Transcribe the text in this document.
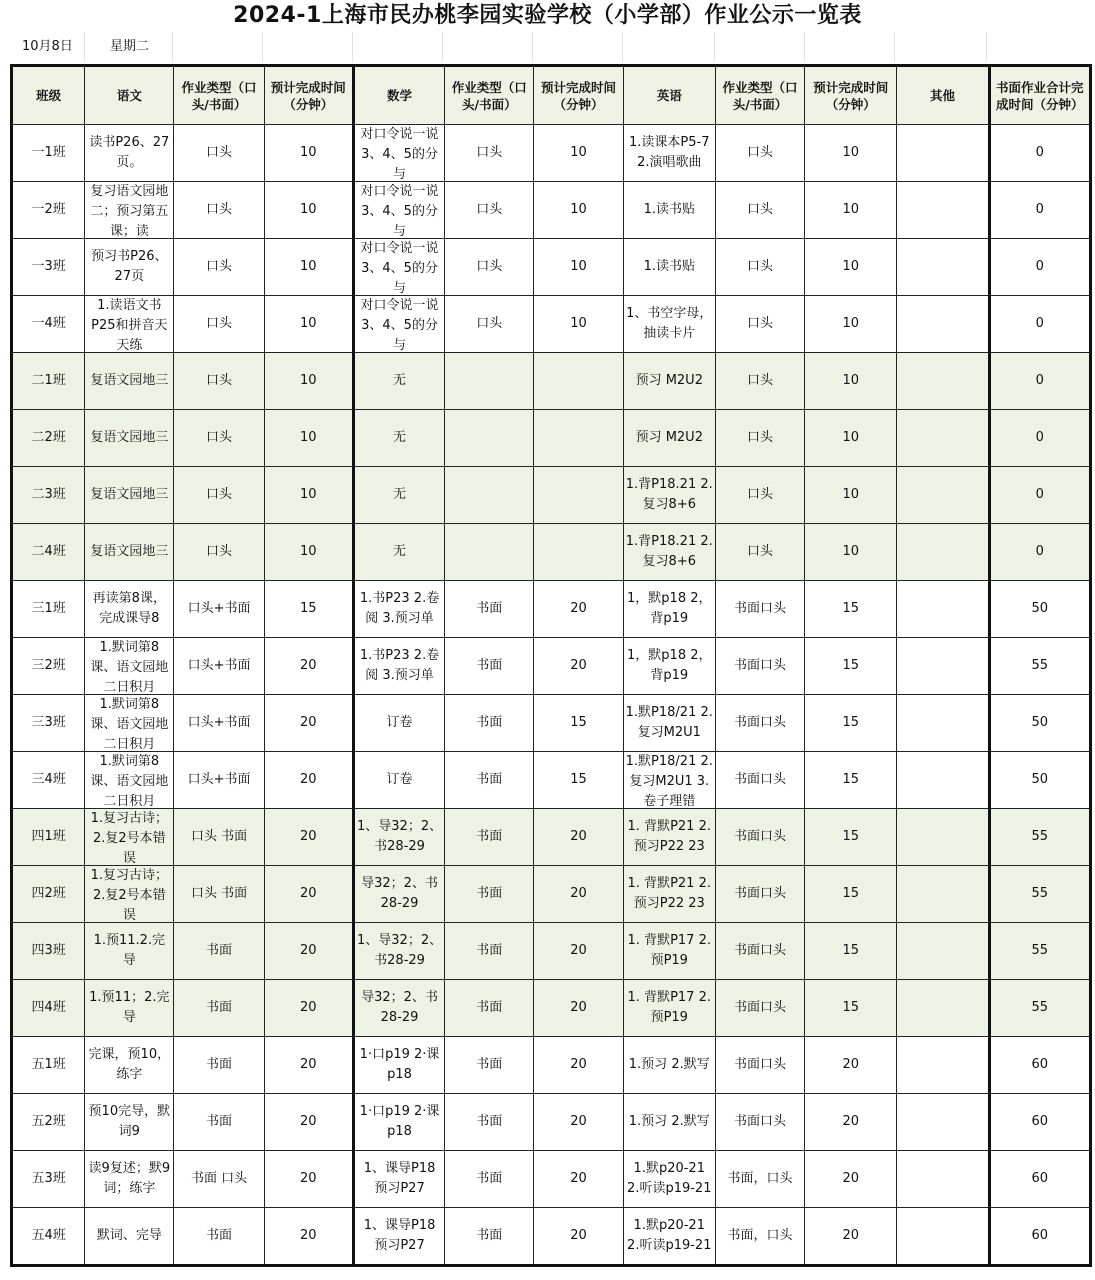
2024-1上海市民办桃李园实验学校（小学部）作业公示一览表
10月8日	星期二
班级	语文	作业类型（口头/书面）	预计完成时间（分钟）	数学	作业类型（口头/书面）	预计完成时间（分钟）	英语	作业类型（口头/书面）	预计完成时间（分钟）	其他	书面作业合计完成时间（分钟）

一1班	读书P26、27页。	口头	10	对口令说一说3、4、5的分与	口头	10	1.读课本P5-7 2.演唱歌曲	口头	10		0

一2班	复习语文园地二；预习第五课；读	口头	10	对口令说一说3、4、5的分与	口头	10	1.读书贴	口头	10		0

一3班	预习书P26、27页	口头	10	对口令说一说3、4、5的分与	口头	10	1.读书贴	口头	10		0

一4班	1.读语文书P25和拼音天天练	口头	10	对口令说一说3、4、5的分与	口头	10	1、书空字母，抽读卡片	口头	10		0

二1班	复语文园地三	口头	10	无			预习 M2U2	口头	10		0

二2班	复语文园地三	口头	10	无			预习 M2U2	口头	10		0

二3班	复语文园地三	口头	10	无			1.背P18.21 2.复习8+6	口头	10		0

二4班	复语文园地三	口头	10	无			1.背P18.21 2.复习8+6	口头	10		0

三1班	再读第8课，完成课导8	口头+书面	15	1.书P23 2.卷阅 3.预习单	书面	20	1，默p18 2，背p19	书面口头	15		50

三2班	1.默词第8课、语文园地二日积月	口头+书面	20	1.书P23 2.卷阅 3.预习单	书面	20	1，默p18 2，背p19	书面口头	15		55

三3班	1.默词第8课、语文园地二日积月	口头+书面	20	订卷	书面	15	1.默P18/21 2.复习M2U1	书面口头	15		50

三4班	1.默词第8课、语文园地二日积月	口头+书面	20	订卷	书面	15	1.默P18/21 2.复习M2U1 3.卷子理错	书面口头	15		50

四1班	1.复习古诗；2.复2号本错误	口头 书面	20	1、导32；2、书28-29	书面	20	1. 背默P21 2.预习P22 23	书面口头	15		55

四2班	1.复习古诗；2.复2号本错误	口头 书面	20	导32；2、书28-29	书面	20	1. 背默P21 2.预习P22 23	书面口头	15		55

四3班	1.预11.2.完导	书面	20	1、导32；2、书28-29	书面	20	1. 背默P17 2. 预P19	书面口头	15		55

四4班	1.预11；2.完导	书面	20	导32；2、书28-29	书面	20	1. 背默P17 2. 预P19	书面口头	15		55

五1班	完课，预10，练字	书面	20	1·口p19 2·课p18	书面	20	1.预习 2.默写	书面口头	20		60

五2班	预10完导，默词9	书面	20	1·口p19 2·课p18	书面	20	1.预习 2.默写	书面口头	20		60

五3班	读9复述；默9词；练字	书面 口头	20	1、课导P18 预习P27	书面	20	1.默p20-21 2.听读p19-21	书面，口头	20		60

五4班	默词、完导	书面	20	1、课导P18 预习P27	书面	20	1.默p20-21 2.听读p19-21	书面，口头	20		60
